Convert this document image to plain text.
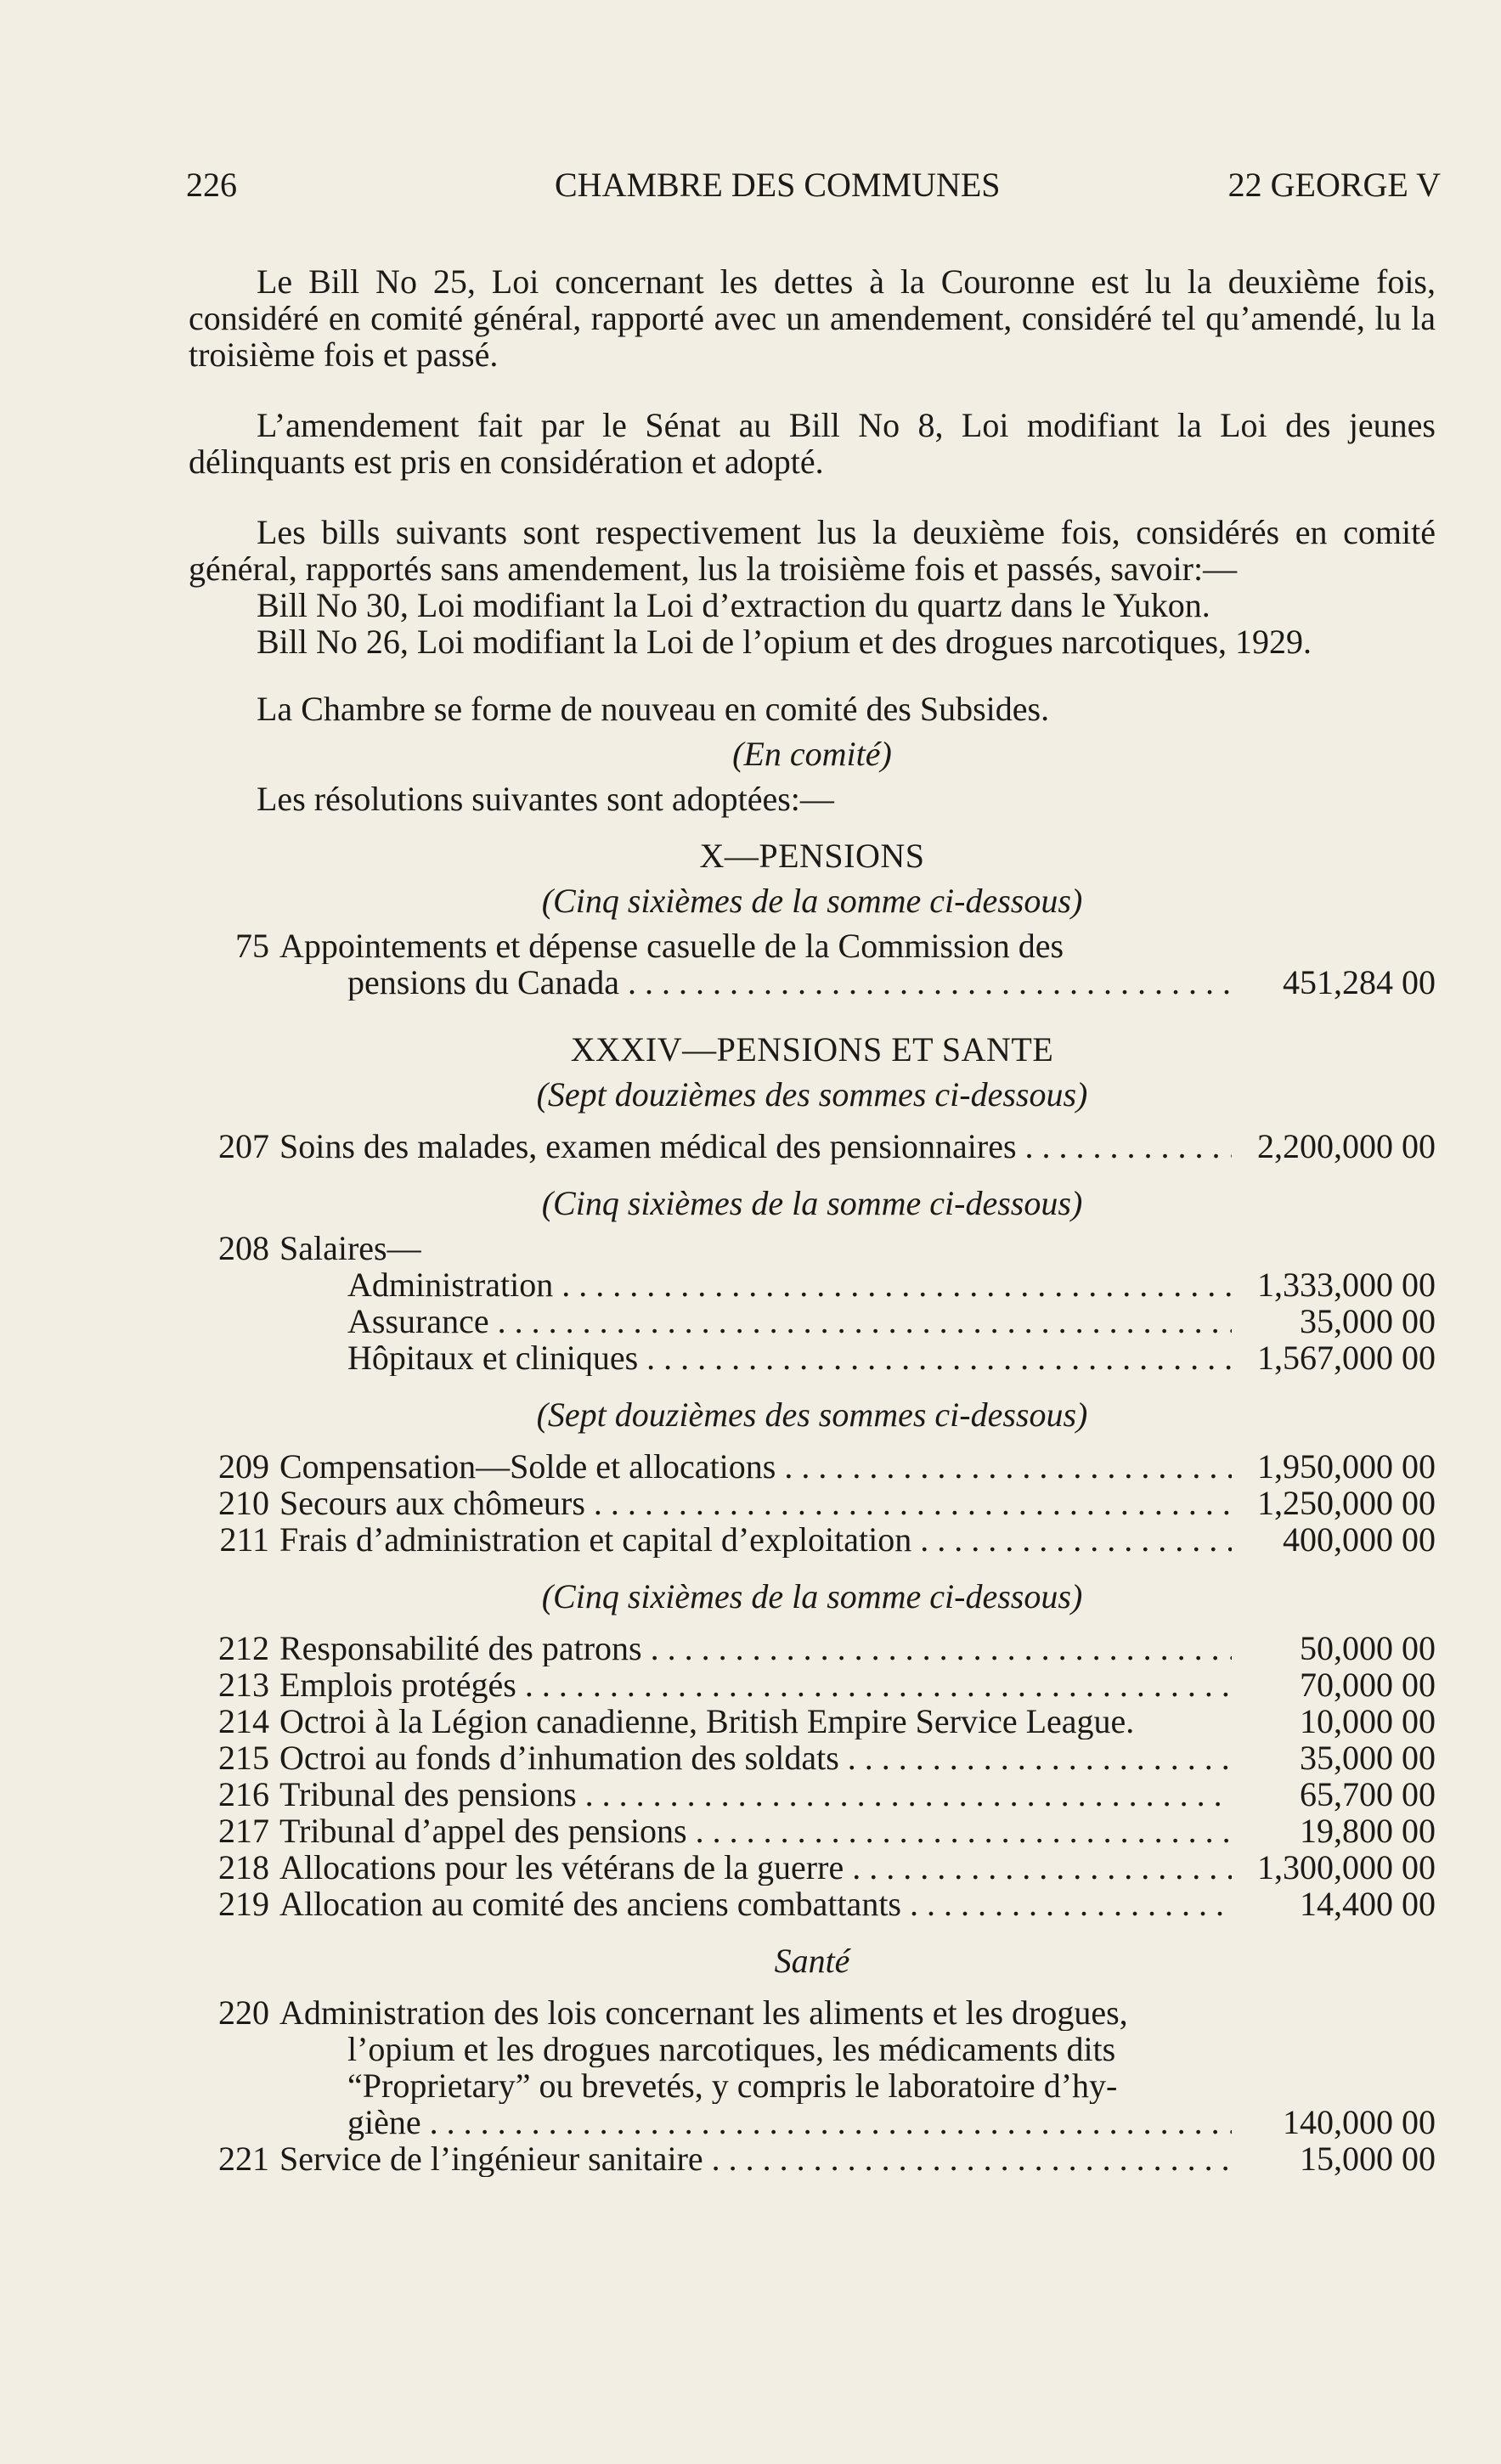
226	CHAMBRE DES COMMUNES	22 GEORGE V

Le Bill No 25, Loi concernant les dettes à la Couronne est lu la deuxième fois, considéré en comité général, rapporté avec un amendement, considéré tel qu’amendé, lu la troisième fois et passé.

L’amendement fait par le Sénat au Bill No 8, Loi modifiant la Loi des jeunes délinquants est pris en considération et adopté.

Les bills suivants sont respectivement lus la deuxième fois, considérés en comité général, rapportés sans amendement, lus la troisième fois et passés, savoir:—

Bill No 30, Loi modifiant la Loi d’extraction du quartz dans le Yukon.
Bill No 26, Loi modifiant la Loi de l’opium et des drogues narcotiques, 1929.
La Chambre se forme de nouveau en comité des Subsides.
(En comité)
Les résolutions suivantes sont adoptées:—
X—PENSIONS
(Cinq sixièmes de la somme ci-dessous)
75 Appointements et dépense casuelle de la Commission des
pensions du Canada . . .	451,284 00
XXXIV—PENSIONS ET SANTE
(Sept douzièmes des sommes ci-dessous)
207 Soins des malades, examen médical des pensionnaires . . .	2,200,000 00
(Cinq sixièmes de la somme ci-dessous)
208 Salaires—
Administration . . .	1,333,000 00
Assurance . . .	35,000 00
Hôpitaux et cliniques . . .	1,567,000 00
(Sept douzièmes des sommes ci-dessous)
209 Compensation—Solde et allocations . . .	1,950,000 00
210 Secours aux chômeurs . . .	1,250,000 00
211 Frais d’administration et capital d’exploitation . . .	400,000 00
(Cinq sixièmes de la somme ci-dessous)
212 Responsabilité des patrons . . .	50,000 00
213 Emplois protégés . . .	70,000 00
214 Octroi à la Légion canadienne, British Empire Service League.	10,000 00
215 Octroi au fonds d’inhumation des soldats . . .	35,000 00
216 Tribunal des pensions . . .	65,700 00
217 Tribunal d’appel des pensions . . .	19,800 00
218 Allocations pour les vétérans de la guerre . . .	1,300,000 00
219 Allocation au comité des anciens combattants . . .	14,400 00
Santé
220 Administration des lois concernant les aliments et les drogues,
l’opium et les drogues narcotiques, les médicaments dits
“Proprietary” ou brevetés, y compris le laboratoire d’hy-
giène . . .	140,000 00
221 Service de l’ingénieur sanitaire . . .	15,000 00
